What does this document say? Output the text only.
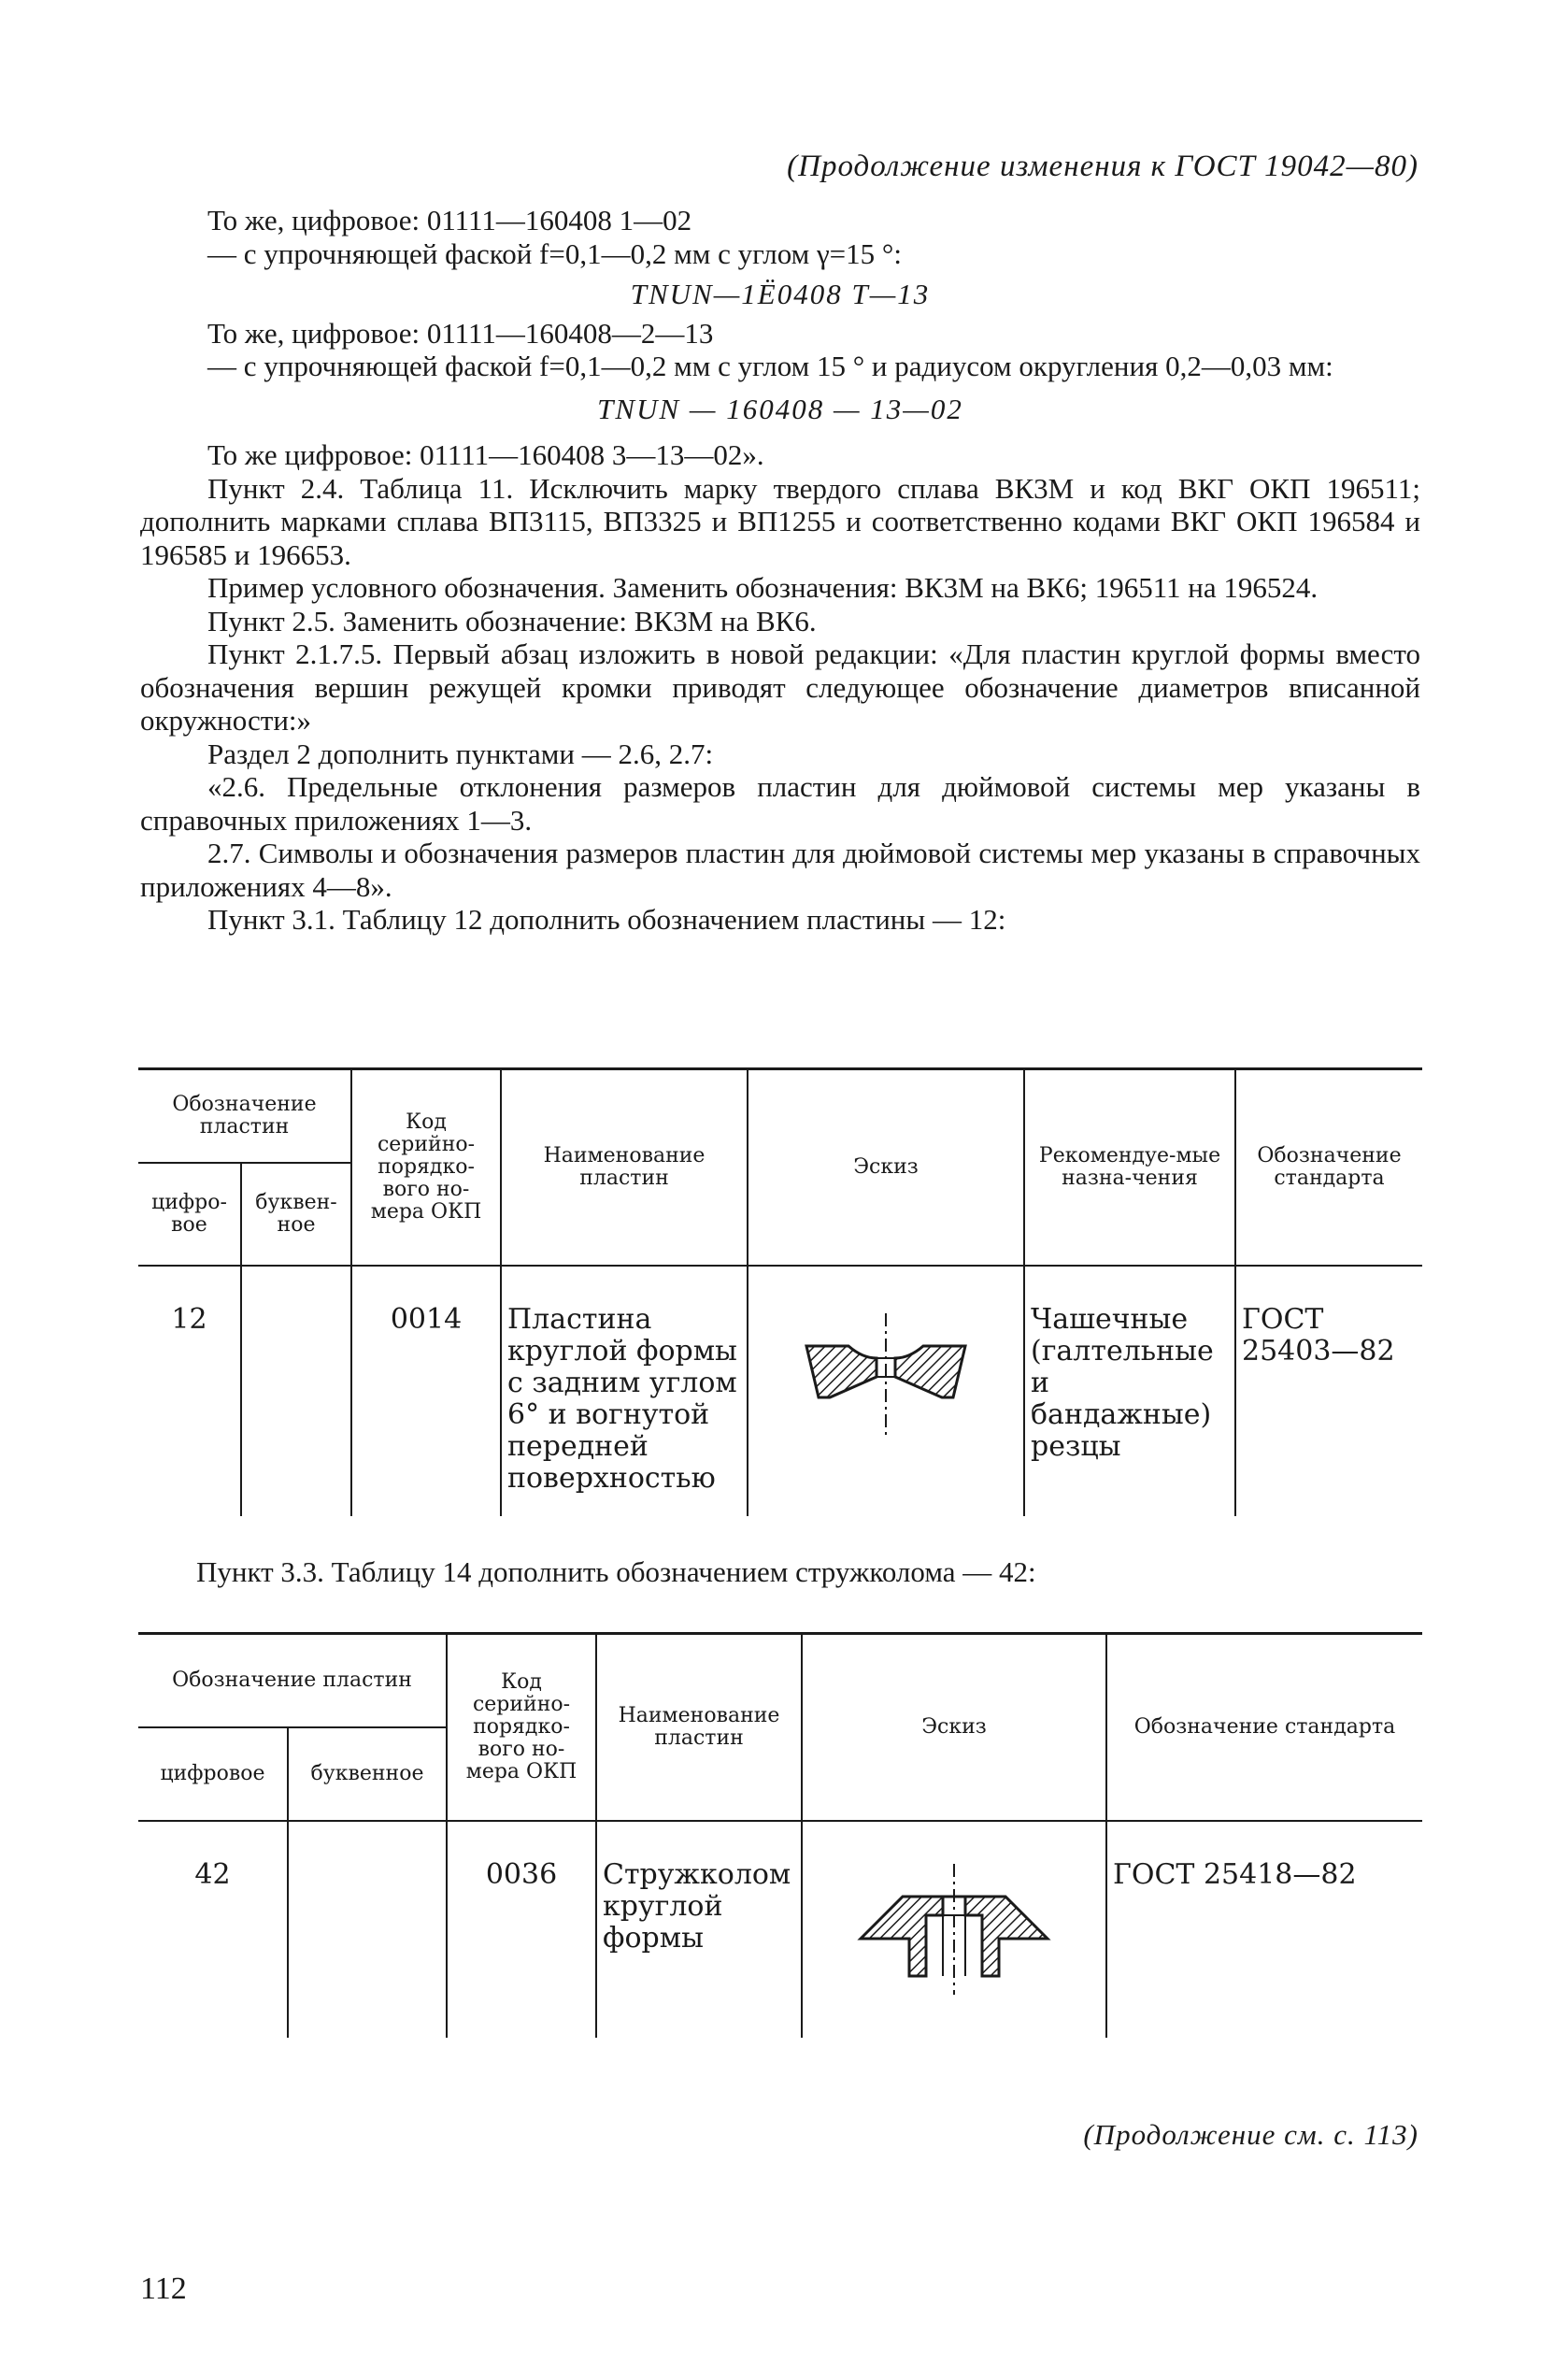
(Продолжение изменения к ГОСТ 19042—80)

То же, цифровое: 01111—160408 1—02

— с упрочняющей фаской f=0,1—0,2 мм с углом γ=15 °:

TNUN—1Ё0408 T—13

То же, цифровое: 01111—160408—2—13

— с упрочняющей фаской f=0,1—0,2 мм с углом 15 ° и радиусом округления 0,2—0,03 мм:

TNUN — 160408 — 13—02

То же цифровое: 01111—160408 3—13—02».

Пункт 2.4. Таблица 11. Исключить марку твердого сплава ВК3М и код ВКГ ОКП 196511; дополнить марками сплава ВП3115, ВП3325 и ВП1255 и соответственно кодами ВКГ ОКП 196584 и 196585 и 196653.

Пример условного обозначения. Заменить обозначения: ВК3М на ВК6; 196511 на 196524.

Пункт 2.5. Заменить обозначение: ВК3М на ВК6.

Пункт 2.1.7.5. Первый абзац изложить в новой редакции: «Для пластин круглой формы вместо обозначения вершин режущей кромки приводят следующее обозначение диаметров вписанной окружности:»

Раздел 2 дополнить пунктами — 2.6, 2.7:

«2.6. Предельные отклонения размеров пластин для дюймовой системы мер указаны в справочных приложениях 1—3.

2.7. Символы и обозначения размеров пластин для дюймовой системы мер указаны в справочных приложениях 4—8».

Пункт 3.1. Таблицу 12 дополнить обозначением пластины — 12:

Обозначение пластин		Код серийно-порядко-вого но-мера ОКП	Наименование пластин	Эскиз	Рекомендуе-мые назна-чения	Обозначение стандарта
цифро-вое	буквен-ное					
12		0014	Пластина круглой формы с задним углом 6° и вогнутой передней поверхностью		Чашечные (галтельные и бандажные) резцы	ГОСТ 25403—82
Пункт 3.3. Таблицу 14 дополнить обозначением стружколома — 42:
Обозначение пластин		Код серийно-порядко-вого но-мера ОКП	Наименование пластин	Эскиз	Обозначение стандарта
цифровое	буквенное				
42		0036	Стружколом круглой формы		ГОСТ 25418—82
(Продолжение см. с. 113)
112
